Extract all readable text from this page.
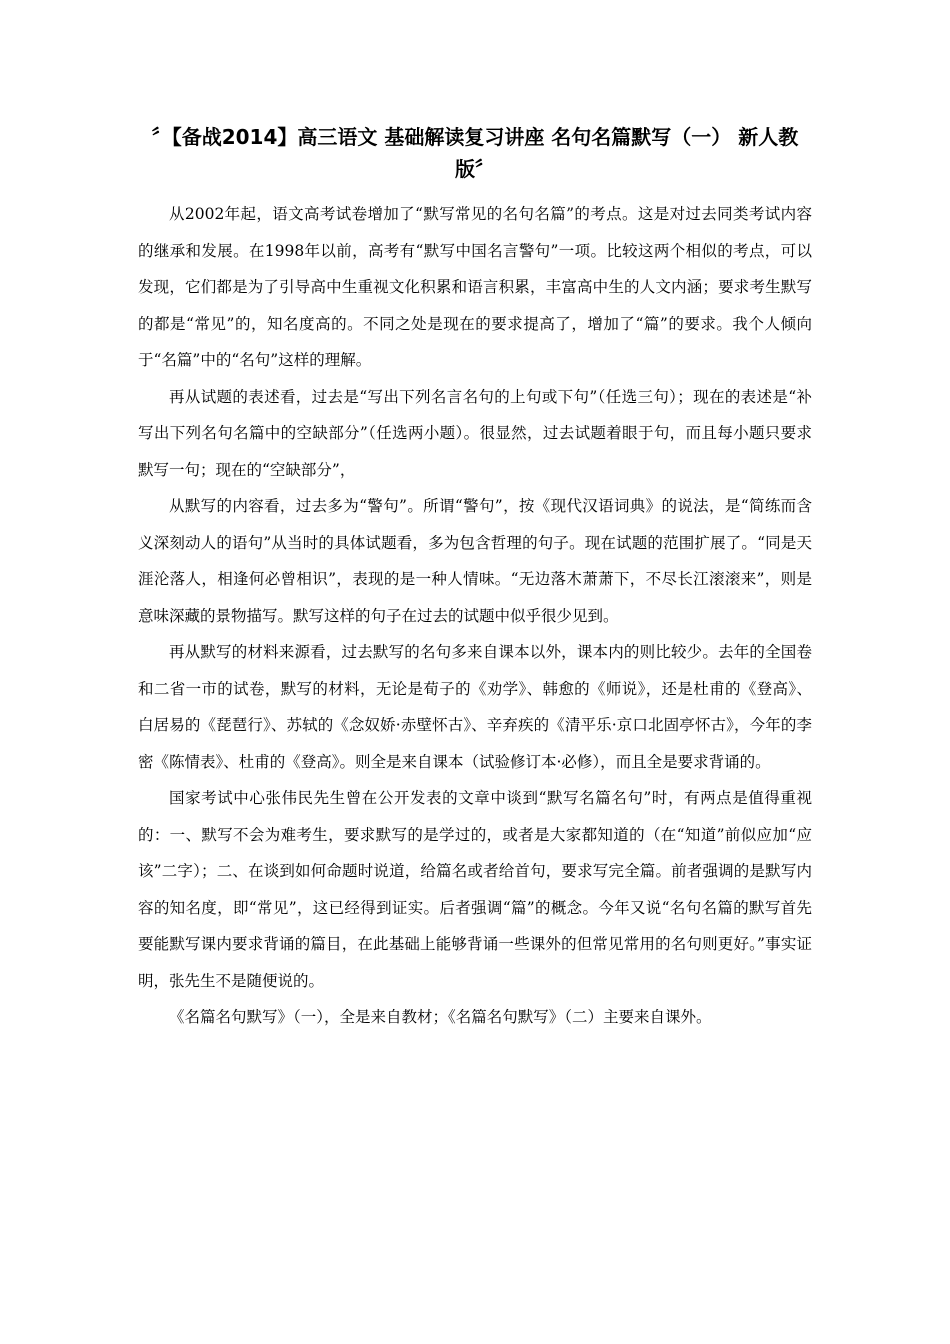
〞【备战2014】高三语文 基础解读复习讲座 名句名篇默写（一） 新人教版〞

从2002年起，语文高考试卷增加了“默写常见的名句名篇”的考点。这是对过去同类考试内容的继承和发展。在1998年以前，高考有“默写中国名言警句”一项。比较这两个相似的考点，可以发现，它们都是为了引导高中生重视文化积累和语言积累，丰富高中生的人文内涵；要求考生默写的都是“常见”的，知名度高的。不同之处是现在的要求提高了，增加了“篇”的要求。我个人倾向于“名篇”中的“名句”这样的理解。

再从试题的表述看，过去是“写出下列名言名句的上句或下句”（任选三句）；现在的表述是“补写出下列名句名篇中的空缺部分”（任选两小题）。很显然，过去试题着眼于句，而且每小题只要求默写一句；现在的“空缺部分”，

从默写的内容看，过去多为“警句”。所谓“警句”，按《现代汉语词典》的说法，是“简练而含义深刻动人的语句”从当时的具体试题看，多为包含哲理的句子。现在试题的范围扩展了。“同是天涯沦落人，相逢何必曾相识”，表现的是一种人情味。“无边落木萧萧下，不尽长江滚滚来”，则是意味深藏的景物描写。默写这样的句子在过去的试题中似乎很少见到。

再从默写的材料来源看，过去默写的名句多来自课本以外，课本内的则比较少。去年的全国卷和二省一市的试卷，默写的材料，无论是荀子的《劝学》、韩愈的《师说》，还是杜甫的《登高》、白居易的《琵琶行》、苏轼的《念奴娇·赤壁怀古》、辛弃疾的《清平乐·京口北固亭怀古》，今年的李密《陈情表》、杜甫的《登高》。则全是来自课本（试验修订本·必修），而且全是要求背诵的。

国家考试中心张伟民先生曾在公开发表的文章中谈到“默写名篇名句”时，有两点是值得重视的：一、默写不会为难考生，要求默写的是学过的，或者是大家都知道的（在“知道”前似应加“应该”二字）；二、在谈到如何命题时说道，给篇名或者给首句，要求写完全篇。前者强调的是默写内容的知名度，即“常见”，这已经得到证实。后者强调“篇”的概念。今年又说“名句名篇的默写首先要能默写课内要求背诵的篇目，在此基础上能够背诵一些课外的但常见常用的名句则更好。”事实证明，张先生不是随便说的。

《名篇名句默写》（一），全是来自教材；《名篇名句默写》（二）主要来自课外。
